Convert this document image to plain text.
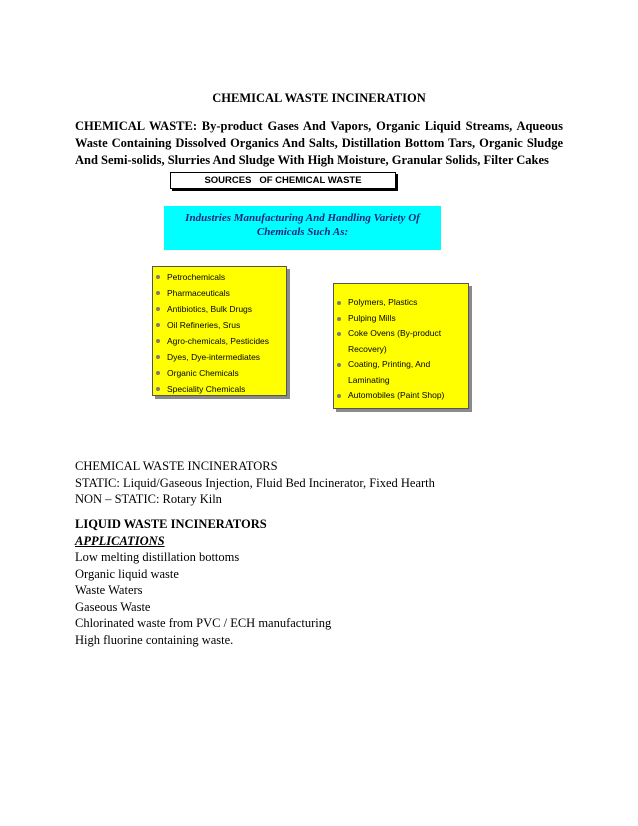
CHEMICAL WASTE INCINERATION
CHEMICAL WASTE: By-product Gases And Vapors, Organic Liquid Streams, Aqueous Waste Containing Dissolved Organics And Salts, Distillation Bottom Tars, Organic Sludge And Semi-solids, Slurries And Sludge With High Moisture, Granular Solids, Filter Cakes
SOURCES   OF CHEMICAL WASTE
Industries Manufacturing And Handling Variety Of
Chemicals Such As:
Petrochemicals
Pharmaceuticals
Antibiotics, Bulk Drugs
Oil Refineries, Srus
Agro-chemicals, Pesticides
Dyes, Dye-intermediates
Organic Chemicals
Speciality Chemicals
Polymers, Plastics
Pulping Mills
Coke Ovens (By-product Recovery)
Coating, Printing, And Laminating
Automobiles (Paint Shop)
CHEMICAL WASTE INCINERATORS
STATIC: Liquid/Gaseous Injection, Fluid Bed Incinerator, Fixed Hearth
NON – STATIC: Rotary Kiln
LIQUID WASTE INCINERATORS
APPLICATIONS
Low melting distillation bottoms
Organic liquid waste
Waste Waters
Gaseous Waste
Chlorinated waste from PVC / ECH manufacturing
High fluorine containing waste.
